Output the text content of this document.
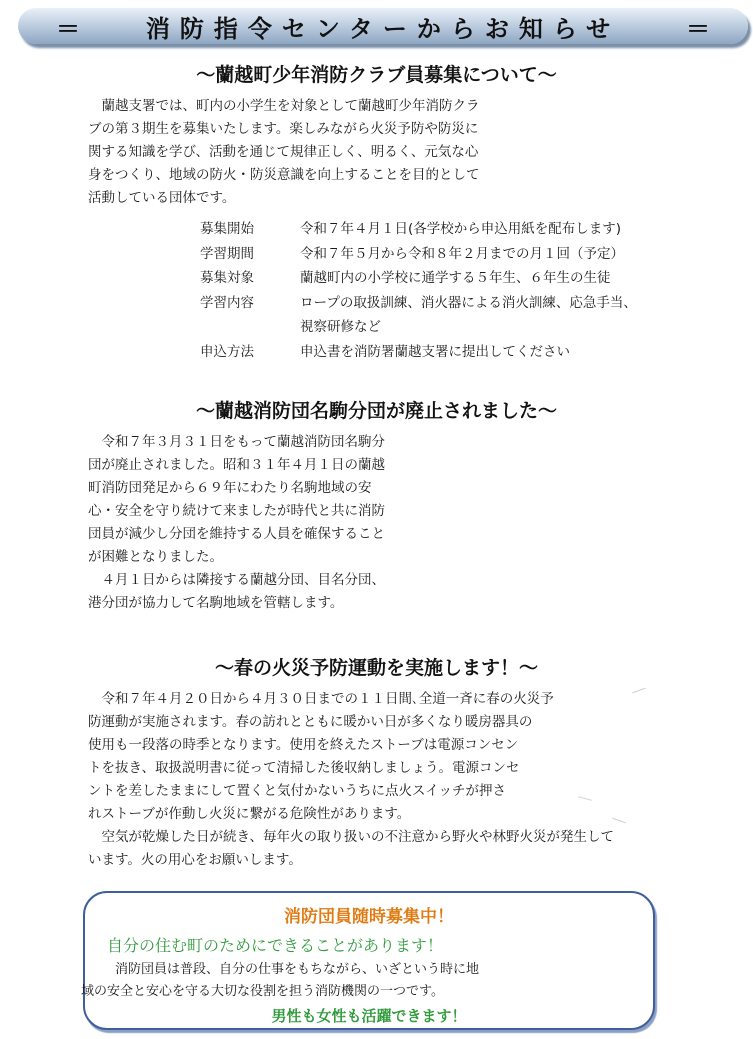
＝	消防指令センターからお知らせ	＝
～蘭越町少年消防クラブ員募集について～

蘭越支署では、町内の小学生を対象として蘭越町少年消防クラ

ブの第３期生を募集いたします。楽しみながら火災予防や防災に

関する知識を学び、活動を通じて規律正しく、明るく、元気な心

身をつくり、地域の防火・防災意識を向上することを目的として

活動している団体です。

募集開始	令和７年４月１日(各学校から申込用紙を配布します)
学習期間	令和７年５月から令和８年２月までの月１回（予定）
募集対象	蘭越町内の小学校に通学する５年生、６年生の生徒
学習内容	ロープの取扱訓練、消火器による消火訓練、応急手当、
視察研修など
申込方法	申込書を消防署蘭越支署に提出してください
～蘭越消防団名駒分団が廃止されました～

令和７年３月３１日をもって蘭越消防団名駒分

団が廃止されました。昭和３１年４月１日の蘭越

町消防団発足から６９年にわたり名駒地域の安

心・安全を守り続けて来ましたが時代と共に消防

団員が減少し分団を維持する人員を確保すること

が困難となりました。

４月１日からは隣接する蘭越分団、目名分団、

港分団が協力して名駒地域を管轄します。

～春の火災予防運動を実施します！～

令和７年４月２０日から４月３０日までの１１日間､全道一斉に春の火災予

防運動が実施されます。春の訪れとともに暖かい日が多くなり暖房器具の

使用も一段落の時季となります。使用を終えたストーブは電源コンセン

トを抜き、取扱説明書に従って清掃した後収納しましょう。電源コンセ

ントを差したままにして置くと気付かないうちに点火スイッチが押さ

れストーブが作動し火災に繋がる危険性があります。

空気が乾燥した日が続き、毎年火の取り扱いの不注意から野火や林野火災が発生して

います。火の用心をお願いします。

消防団員随時募集中！
自分の住む町のためにできることがあります！

消防団員は普段、自分の仕事をもちながら、いざという時に地

域の安全と安心を守る大切な役割を担う消防機関の一つです。

男性も女性も活躍できます！
